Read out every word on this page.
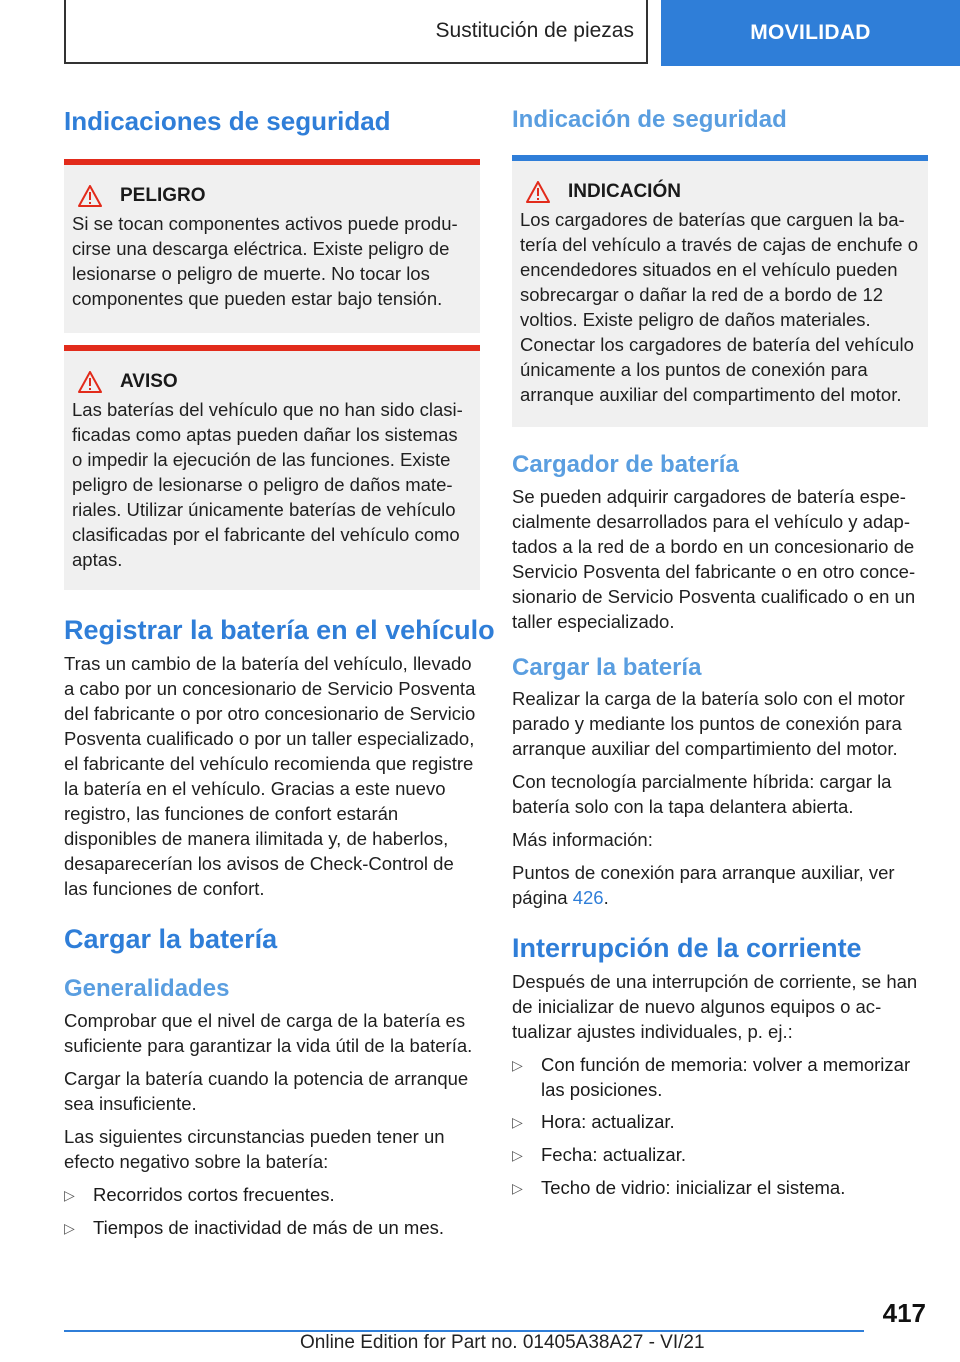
Sustitución de piezas	MOVILIDAD
Indicaciones de seguridad
PELIGRO

Si se tocan componentes activos puede producirse una descarga eléctrica. Existe peligro de lesionarse o peligro de muerte. No tocar los componentes que pueden estar bajo tensión.

AVISO

Las baterías del vehículo que no han sido clasificadas como aptas pueden dañar los sistemas o impedir la ejecución de las funciones. Existe peligro de lesionarse o peligro de daños materiales. Utilizar únicamente baterías de vehículo clasificadas por el fabricante del vehículo como aptas.

Registrar la batería en el vehículo

Tras un cambio de la batería del vehículo, llevado a cabo por un concesionario de Servicio Posventa del fabricante o por otro concesionario de Servicio Posventa cualificado o por un taller especializado, el fabricante del vehículo recomienda que registre la batería en el vehículo. Gracias a este nuevo registro, las funciones de confort estarán disponibles de manera ilimitada y, de haberlos, desaparecerían los avisos de Check-Control de las funciones de confort.

Cargar la batería
Generalidades

Comprobar que el nivel de carga de la batería es suficiente para garantizar la vida útil de la batería.

Cargar la batería cuando la potencia de arranque sea insuficiente.

Las siguientes circunstancias pueden tener un efecto negativo sobre la batería:

▷ Recorridos cortos frecuentes.
▷ Tiempos de inactividad de más de un mes.
Indicación de seguridad
INDICACIÓN

Los cargadores de baterías que carguen la batería del vehículo a través de cajas de enchufe o encendedores situados en el vehículo pueden sobrecargar o dañar la red de a bordo de 12 voltios. Existe peligro de daños materiales. Conectar los cargadores de batería del vehículo únicamente a los puntos de conexión para arranque auxiliar del compartimento del motor.

Cargador de batería

Se pueden adquirir cargadores de batería especialmente desarrollados para el vehículo y adaptados a la red de a bordo en un concesionario de Servicio Posventa del fabricante o en otro concesionario de Servicio Posventa cualificado o en un taller especializado.

Cargar la batería

Realizar la carga de la batería solo con el motor parado y mediante los puntos de conexión para arranque auxiliar del compartimiento del motor.

Con tecnología parcialmente híbrida: cargar la batería solo con la tapa delantera abierta.

Más información:

Puntos de conexión para arranque auxiliar, ver página 426.

Interrupción de la corriente

Después de una interrupción de corriente, se han de inicializar de nuevo algunos equipos o actualizar ajustes individuales, p. ej.:

▷ Con función de memoria: volver a memorizar las posiciones.
▷ Hora: actualizar.
▷ Fecha: actualizar.
▷ Techo de vidrio: inicializar el sistema.
417
Online Edition for Part no. 01405A38A27 - VI/21
